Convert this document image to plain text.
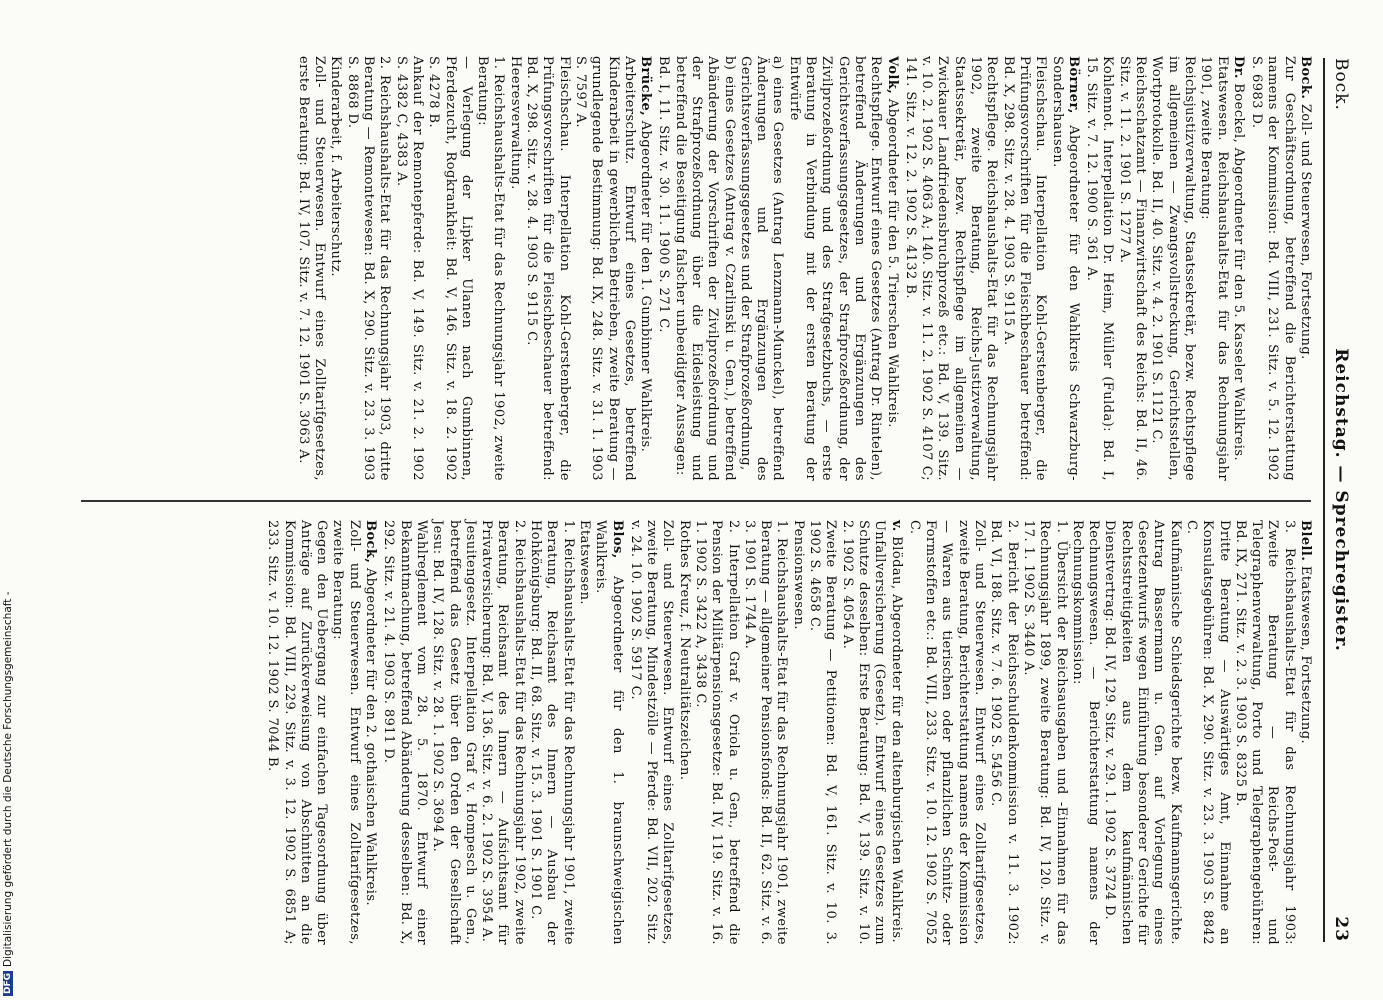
Bock.
Reichstag. — Sprechregister.
23

Bock. Zoll- und Steuerwesen, Fortsetzung.

Zur Geschäftsordnung, betreffend die Berichterstattung namens der Kommission: Bd. VIII, 231. Sitz. v. 5. 12. 1902 S. 6983 D.

Dr. Boeckel, Abgeordneter für den 5. Kasseler Wahlkreis.

Etatswesen. Reichshaushalts-Etat für das Rechnungsjahr 1901, zweite Beratung:

Reichsjustizverwaltung, Staatssekretär, bezw. Rechtspflege im allgemeinen — Zwangsvollstreckung, Gerichtsstellen, Wortprotokolle. Bd. II, 40. Sitz. v. 4. 2. 1901 S. 1121 C.

Reichsschatzamt — Finanzwirtschaft des Reichs: Bd. II, 46. Sitz. v. 11. 2. 1901 S. 1277 A.

Kohlennot. Interpellation Dr. Heim, Müller (Fulda): Bd. I, 15. Sitz. v. 7. 12. 1900 S. 361 A.

Börner, Abgeordneter für den Wahlkreis Schwarzburg-Sondershausen.

Fleischschau. Interpellation Kohl-Gerstenberger, die Prüfungsvorschriften für die Fleischbeschauer betreffend: Bd. X, 298. Sitz. v. 28. 4. 1903 S. 9115 A.

Rechtspflege. Reichshaushalts-Etat für das Rechnungsjahr 1902, zweite Beratung, Reichs-Justizverwaltung, Staatssekretär, bezw. Rechtspflege im allgemeinen — Zwickauer Landfriedensbruchprozeß etc.: Bd. V, 139. Sitz. v. 10. 2. 1902 S. 4063 A; 140. Sitz. v. 11. 2. 1902 S. 4107 C; 141. Sitz. v. 12. 2. 1902 S. 4132 B.

Volk, Abgeordneter für den 5. Trierschen Wahlkreis.

Rechtspflege. Entwurf eines Gesetzes (Antrag Dr. Rintelen), betreffend Änderungen und Ergänzungen des Gerichtsverfassungsgesetzes, der Strafprozeßordnung, der Zivilprozeßordnung und des Strafgesetzbuchs, — erste Beratung in Verbindung mit der ersten Beratung der Entwürfe

a) eines Gesetzes (Antrag Lenzmann-Munckel), betreffend Änderungen und Ergänzungen des Gerichtsverfassungsgesetzes und der Strafprozeßordnung,

b) eines Gesetzes (Antrag v. Czarlinski u. Gen.), betreffend Abänderung der Vorschriften der Zivilprozeßordnung und der Strafprozeßordnung über die Eidesleistung und betreffend die Beseitigung falscher unbeeidigter Aussagen:

Bd. I, 11. Sitz. v. 30. 11. 1900 S. 271 C.

Brücke, Abgeordneter für den 1. Gumbinner Wahlkreis.

Arbeiterschutz. Entwurf eines Gesetzes, betreffend Kinderarbeit in gewerblichen Betrieben, zweite Beratung — grundlegende Bestimmung: Bd. IX, 248. Sitz. v. 31. 1. 1903 S. 7597 A.

Fleischschau. Interpellation Kohl-Gerstenberger, die Prüfungsvorschriften für die Fleischbeschauer betreffend: Bd. X, 298. Sitz. v. 28. 4. 1903 S. 9115 C.

Heeresverwaltung.

1. Reichshaushalts-Etat für das Rechnungsjahr 1902, zweite Beratung:

— Verlegung der Lipker Ulanen nach Gumbinnen, Pferdezucht, Rogkrankheit: Bd. V, 146. Sitz. v. 18. 2. 1902 S. 4278 B.

Ankauf der Remontepferde: Bd. V, 149. Sitz. v. 21. 2. 1902 S. 4382 C, 4383 A.

2. Reichshaushalts-Etat für das Rechnungsjahr 1903, dritte Beratung — Remontewesen: Bd. X, 290. Sitz. v. 23. 3. 1903 S. 8868 D.

Kinderarbeit, f. Arbeiterschutz.

Zoll- und Steuerwesen. Entwurf eines Zolltarifgesetzes, erste Beratung: Bd. IV, 107. Sitz. v. 7. 12. 1901 S. 3063 A.

Blell. Etatswesen, Fortsetzung.

3. Reichshaushalts-Etat für das Rechnungsjahr 1903: Zweite Beratung — Reichs-Post- und Telegraphenverwaltung, Porto und Telegraphengebühren: Bd. IX, 271. Sitz. v. 2. 3. 1903 S. 8325 B.

Dritte Beratung — Auswärtiges Amt, Einnahme an Konsulatsgebühren: Bd. X, 290. Sitz. v. 23. 3. 1903 S. 8842 C.

Kaufmännische Schiedsgerichte bezw. Kaufmannsgerichte. Antrag Bassermann u. Gen. auf Vorlegung eines Gesetzentwurfs wegen Einführung besonderer Gerichte für Rechtsstreitigkeiten aus dem kaufmännischen Dienstvertrag: Bd. IV, 129. Sitz. v. 29. 1. 1902 S. 3724 D.

Rechnungswesen. — Berichterstattung namens der Rechnungskommission:

1. Übersicht der Reichsausgaben und -Einnahmen für das Rechnungsjahr 1899, zweite Beratung: Bd. IV, 120. Sitz. v. 17. 1. 1902 S. 3440 A.

2. Bericht der Reichsschuldenkommission v. 11. 3. 1902: Bd. VI, 188. Sitz. v. 7. 6. 1902 S. 5456 C.

Zoll- und Steuerwesen. Entwurf eines Zolltarifgesetzes, zweite Beratung, Berichterstattung namens der Kommission — Waren aus tierischen oder pflanzlichen Schnitz- oder Formstoffen etc.: Bd. VIII, 233. Sitz. v. 10. 12. 1902 S. 7052 C.

v. Blödau, Abgeordneter für den altenburgischen Wahlkreis.

Unfallversicherung (Gesetz). Entwurf eines Gesetzes zum Schutze desselben: Erste Beratung: Bd. V, 139. Sitz. v. 10. 2. 1902 S. 4054 A.

Zweite Beratung — Petitionen: Bd. V, 161. Sitz. v. 10. 3. 1902 S. 4658 C.

Pensionswesen.

1. Reichshaushalts-Etat für das Rechnungsjahr 1901, zweite Beratung — allgemeiner Pensionsfonds: Bd. II, 62. Sitz. v. 6. 3. 1901 S. 1744 A.

2. Interpellation Graf v. Oriola u. Gen., betreffend die Pension der Militärpensionsgesetze: Bd. IV, 119. Sitz. v. 16. 1. 1902 S. 3422 A, 3438 C.

Rothes Kreuz, f. Neutralitätszeichen.

Zoll- und Steuerwesen. Entwurf eines Zolltarifgesetzes, zweite Beratung, Mindestzölle — Pferde: Bd. VII, 202. Sitz. v. 24. 10. 1902 S. 5917 C.

Blos, Abgeordneter für den 1. braunschweigischen Wahlkreis.

Etatswesen.

1. Reichshaushalts-Etat für das Rechnungsjahr 1901, zweite Beratung, Reichsamt des Innern — Ausbau der Hohkönigsburg: Bd. II, 68. Sitz. v. 15. 3. 1901 S. 1901 C.

2. Reichshaushalts-Etat für das Rechnungsjahr 1902, zweite Beratung, Reichsamt des Innern — Aufsichtsamt für Privatversicherung: Bd. V, 136. Sitz. v. 6. 2. 1902 S. 3954 A.

Jesuitengesetz. Interpellation Graf v. Hompesch u. Gen., betreffend das Gesetz über den Orden der Gesellschaft Jesu: Bd. IV, 128. Sitz. v. 28. 1. 1902 S. 3694 A.

Wahlreglement vom 28. 5. 1870. Entwurf einer Bekanntmachung, betreffend Abänderung desselben: Bd. X, 292. Sitz. v. 21. 4. 1903 S. 8911 D.

Bock, Abgeordneter für den 2. gothaischen Wahlkreis.

Zoll- und Steuerwesen. Entwurf eines Zolltarifgesetzes, zweite Beratung:

Gegen den Uebergang zur einfachen Tagesordnung über Anträge auf Zurückverweisung von Abschnitten an die Kommission: Bd. VIII, 229. Sitz. v. 3. 12. 1902 S. 6851 A; 233. Sitz. v. 10. 12. 1902 S. 7044 B.

DFGDigitalisierung gefördert durch die Deutsche Forschungsgemeinschaft -
